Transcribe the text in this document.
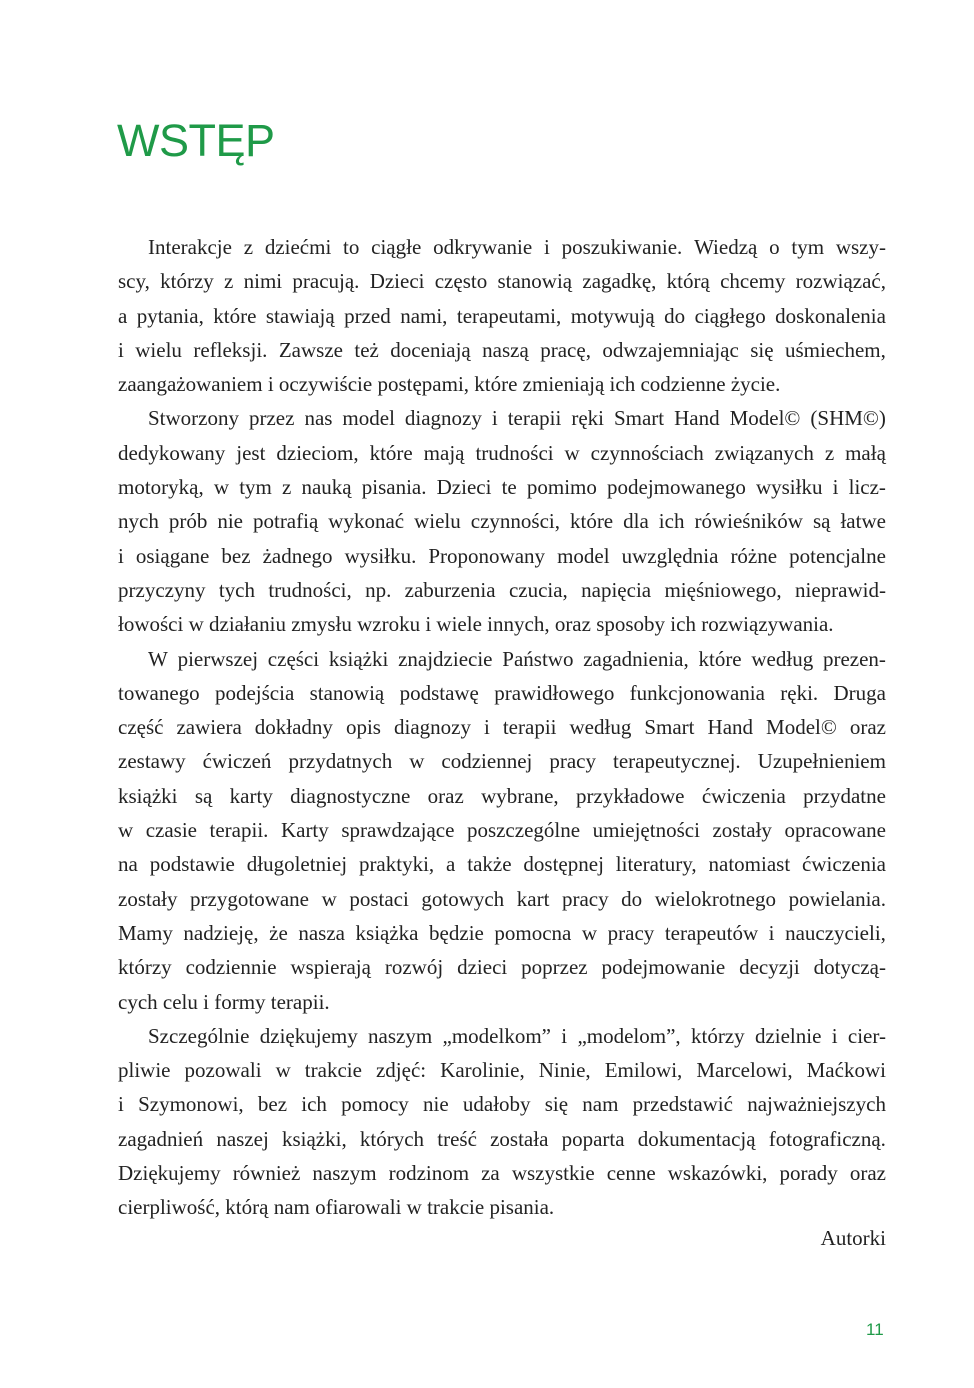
WSTĘP
Interakcje z dziećmi to ciągłe odkrywanie i poszukiwanie. Wiedzą o tym wszy-
scy, którzy z nimi pracują. Dzieci często stanowią zagadkę, którą chcemy rozwiązać,
a pytania, które stawiają przed nami, terapeutami, motywują do ciągłego doskonalenia
i wielu refleksji. Zawsze też doceniają naszą pracę, odwzajemniając się uśmiechem,
zaangażowaniem i oczywiście postępami, które zmieniają ich codzienne życie.
Stworzony przez nas model diagnozy i terapii ręki Smart Hand Model© (SHM©)
dedykowany jest dzieciom, które mają trudności w czynnościach związanych z małą
motoryką, w tym z nauką pisania. Dzieci te pomimo podejmowanego wysiłku i licz-
nych prób nie potrafią wykonać wielu czynności, które dla ich rówieśników są łatwe
i osiągane bez żadnego wysiłku. Proponowany model uwzględnia różne potencjalne
przyczyny tych trudności, np. zaburzenia czucia, napięcia mięśniowego, nieprawid-
łowości w działaniu zmysłu wzroku i wiele innych, oraz sposoby ich rozwiązywania.
W pierwszej części książki znajdziecie Państwo zagadnienia, które według prezen-
towanego podejścia stanowią podstawę prawidłowego funkcjonowania ręki. Druga
część zawiera dokładny opis diagnozy i terapii według Smart Hand Model© oraz
zestawy ćwiczeń przydatnych w codziennej pracy terapeutycznej. Uzupełnieniem
książki są karty diagnostyczne oraz wybrane, przykładowe ćwiczenia przydatne
w czasie terapii. Karty sprawdzające poszczególne umiejętności zostały opracowane
na podstawie długoletniej praktyki, a także dostępnej literatury, natomiast ćwiczenia
zostały przygotowane w postaci gotowych kart pracy do wielokrotnego powielania.
Mamy nadzieję, że nasza książka będzie pomocna w pracy terapeutów i nauczycieli,
którzy codziennie wspierają rozwój dzieci poprzez podejmowanie decyzji dotyczą-
cych celu i formy terapii.
Szczególnie dziękujemy naszym „modelkom” i „modelom”, którzy dzielnie i cier-
pliwie pozowali w trakcie zdjęć: Karolinie, Ninie, Emilowi, Marcelowi, Maćkowi
i Szymonowi, bez ich pomocy nie udałoby się nam przedstawić najważniejszych
zagadnień naszej książki, których treść została poparta dokumentacją fotograficzną.
Dziękujemy również naszym rodzinom za wszystkie cenne wskazówki, porady oraz
cierpliwość, którą nam ofiarowali w trakcie pisania.
Autorki
11
